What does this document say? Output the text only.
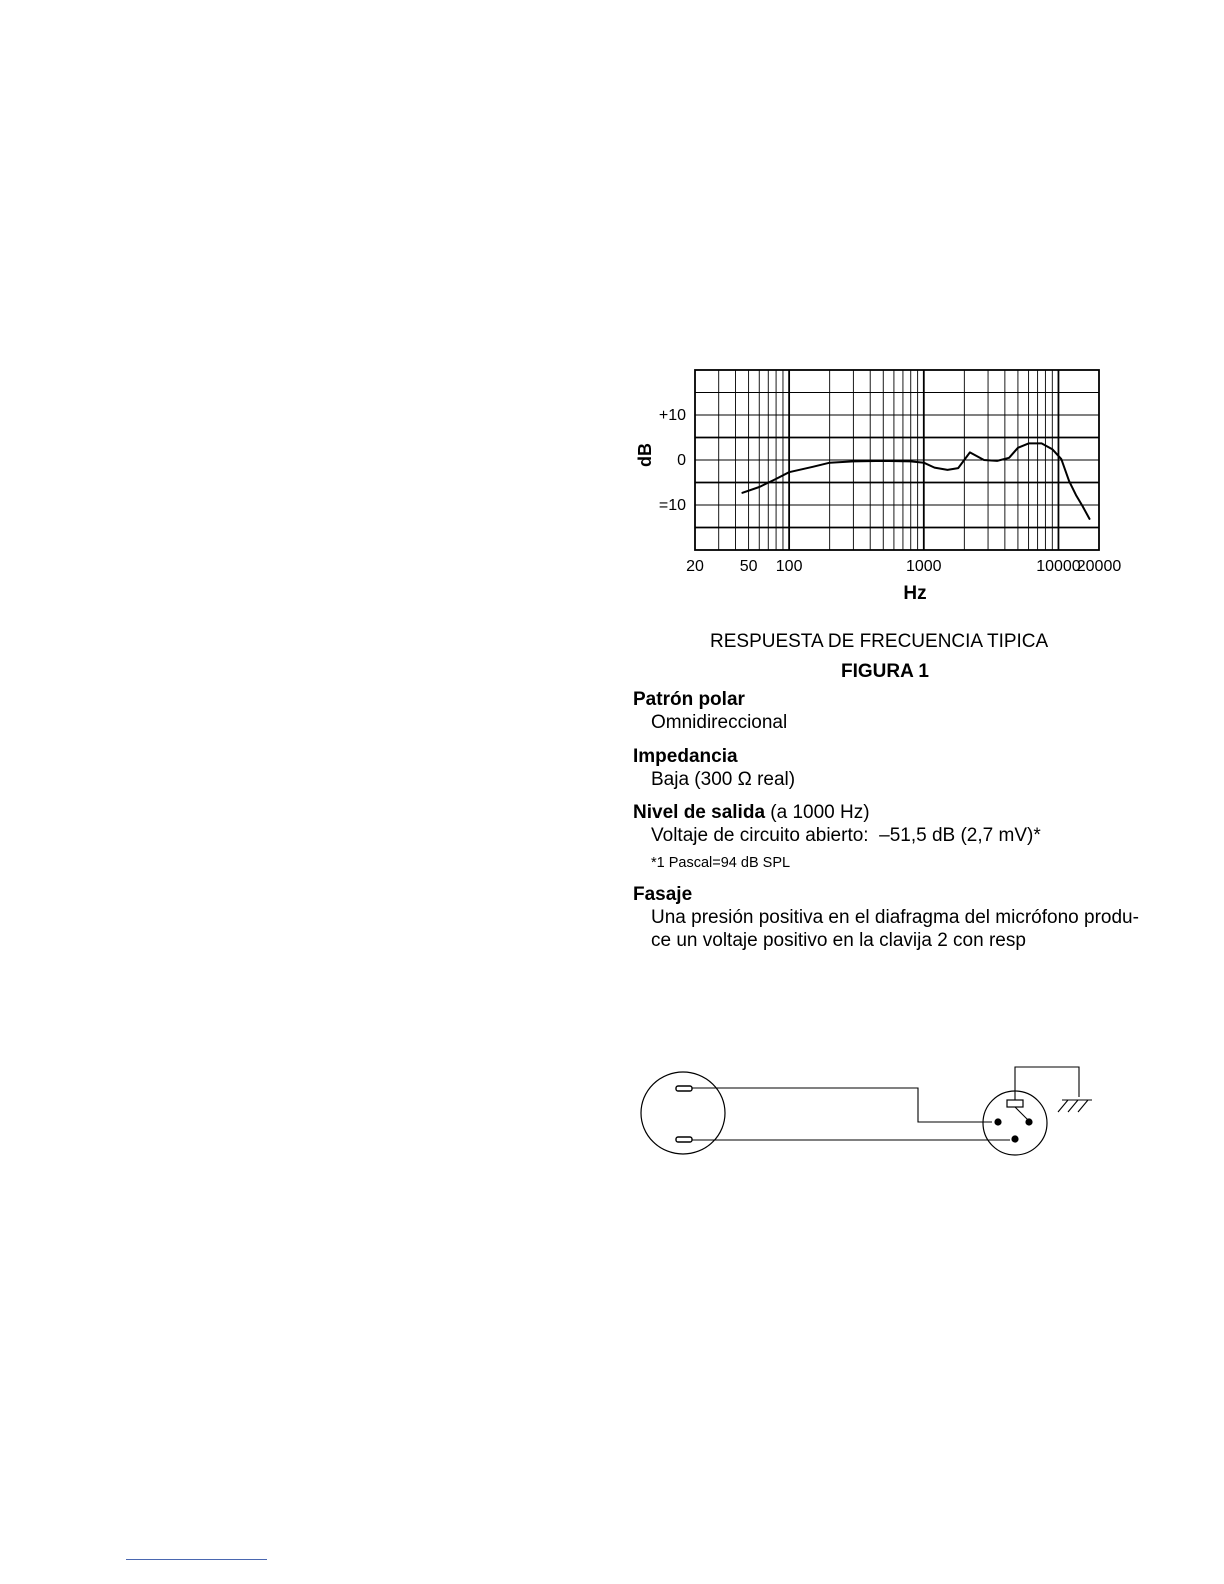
+10
0
=10
20 50 100	1000	10000
20000
dB
Hz
RESPUESTA DE FRECUENCIA TIPICA
FIGURA 1
Patrón polar
Omnidireccional
Impedancia
Baja (300 Ω real)
Nivel de salida (a 1000 Hz)
Voltaje de circuito abierto:  –51,5 dB (2,7 mV)*
*1 Pascal=94 dB SPL
Fasaje
Una presión positiva en el diafragma del micrófono produ-
ce un voltaje positivo en la clavija 2 con resp
